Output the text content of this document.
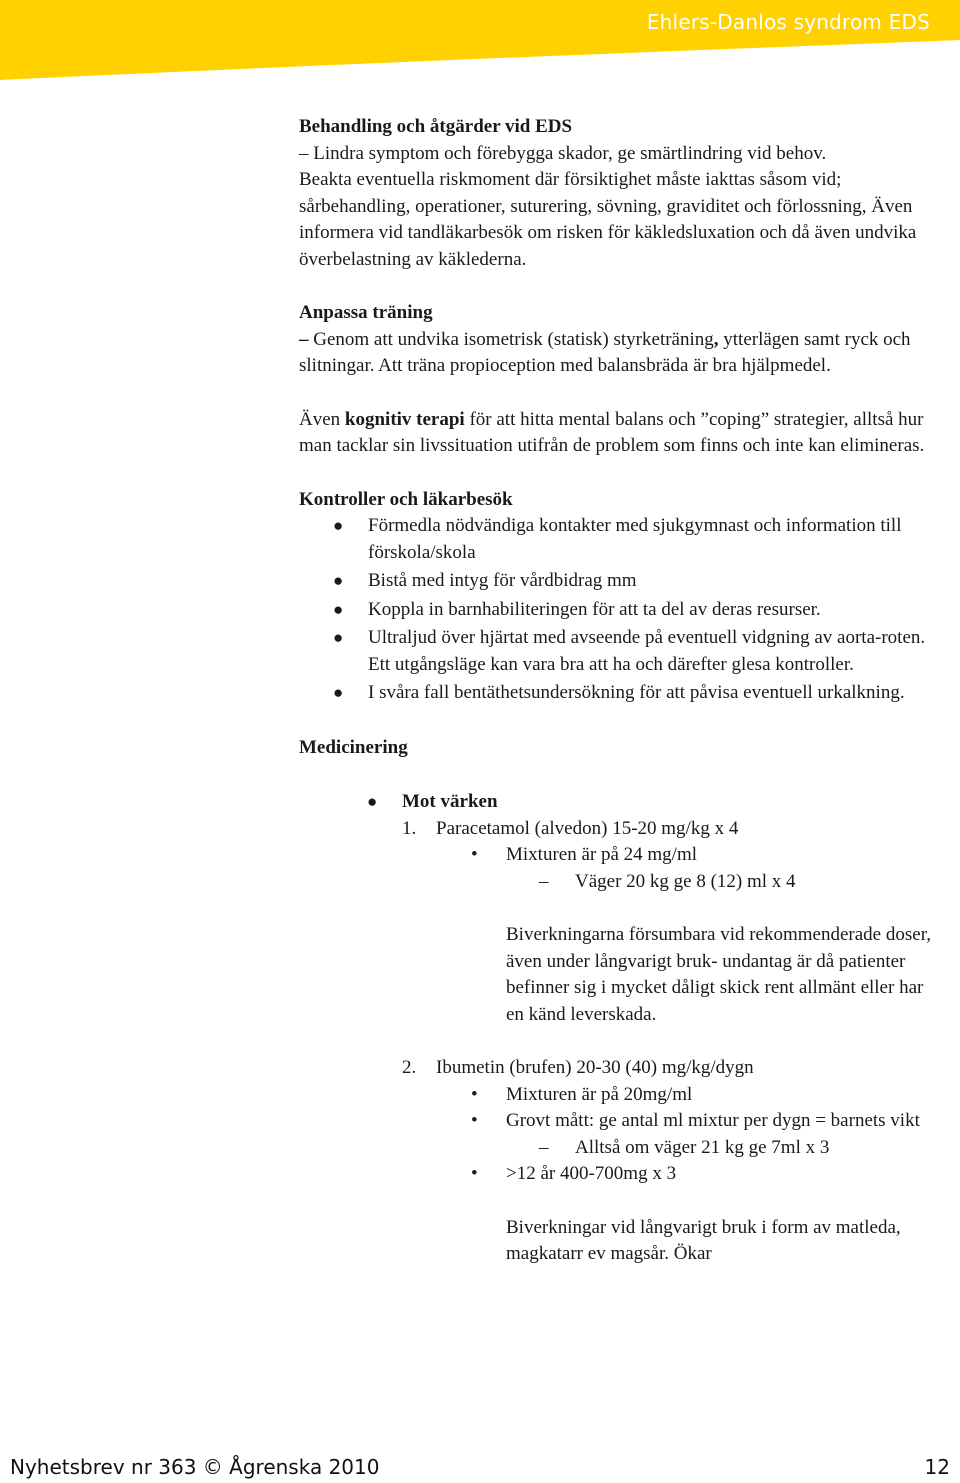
Ehlers-Danlos syndrom EDS

Behandling och åtgärder vid EDS

– Lindra symptom och förebygga skador, ge smärtlindring vid behov.

Beakta eventuella riskmoment där försiktighet måste iakttas såsom vid; sårbehandling, operationer, suturering, sövning, graviditet och förlossning, Även informera vid tandläkarbesök om risken för käkledsluxation och då även undvika överbelastning av käklederna.

Anpassa träning

– Genom att undvika isometrisk (statisk) styrketräning, ytterlägen samt ryck och slitningar. Att träna propioception med balansbräda är bra hjälpmedel.

Även kognitiv terapi för att hitta mental balans och ”coping” strategier, alltså hur man tacklar sin livssituation utifrån de problem som finns och inte kan elimineras.

Kontroller och läkarbesök

● Förmedla nödvändiga kontakter med sjukgymnast och information till förskola/skola
● Bistå med intyg för vårdbidrag mm
● Koppla in barnhabiliteringen för att ta del av deras resurser.
● Ultraljud över hjärtat med avseende på eventuell vidgning av aorta-roten. Ett utgångsläge kan vara bra att ha och därefter glesa kontroller.
● I svåra fall bentäthetsundersökning för att påvisa eventuell urkalkning.

Medicinering

● Mot värken

1. Paracetamol (alvedon) 15-20 mg/kg x 4

• Mixturen är på 24 mg/ml

– Väger 20 kg ge 8 (12) ml x 4

Biverkningarna försumbara vid rekommenderade doser, även under långvarigt bruk- undantag är då patienter befinner sig i mycket dåligt skick rent allmänt eller har en känd leverskada.

2. Ibumetin (brufen) 20-30 (40) mg/kg/dygn

• Mixturen är på 20mg/ml

• Grovt mått: ge antal ml mixtur per dygn = barnets vikt

– Alltså om väger 21 kg ge 7ml x 3

• >12 år 400-700mg x 3

Biverkningar vid långvarigt bruk i form av matleda, magkatarr ev magsår. Ökar

Nyhetsbrev nr 363 © Ågrenska 2010	12
